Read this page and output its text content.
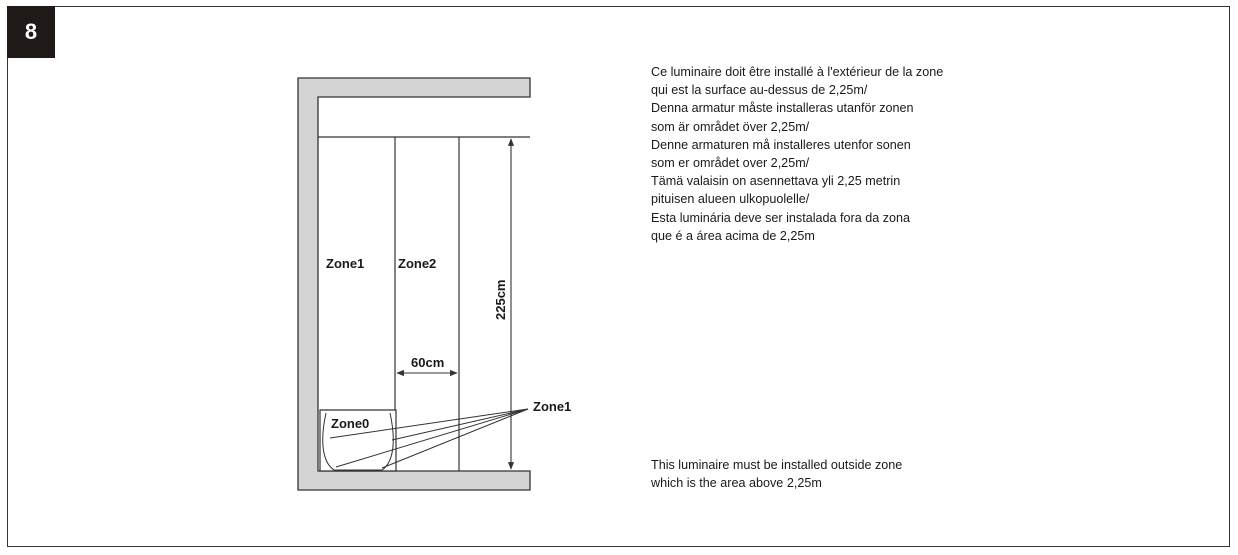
8
Zone1	Zone2
Zone0
Zone1
60cm
225cm
Ce luminaire doit être installé à l'extérieur de la zone
qui est la surface au-dessus de 2,25m/
Denna armatur måste installeras utanför zonen
som är området över 2,25m/
Denne armaturen må installeres utenfor sonen
som er området over 2,25m/
Tämä valaisin on asennettava yli 2,25 metrin
pituisen alueen ulkopuolelle/
Esta luminária deve ser instalada fora da zona
que é a área acima de 2,25m
This luminaire must be installed outside zone
which is the area above 2,25m
